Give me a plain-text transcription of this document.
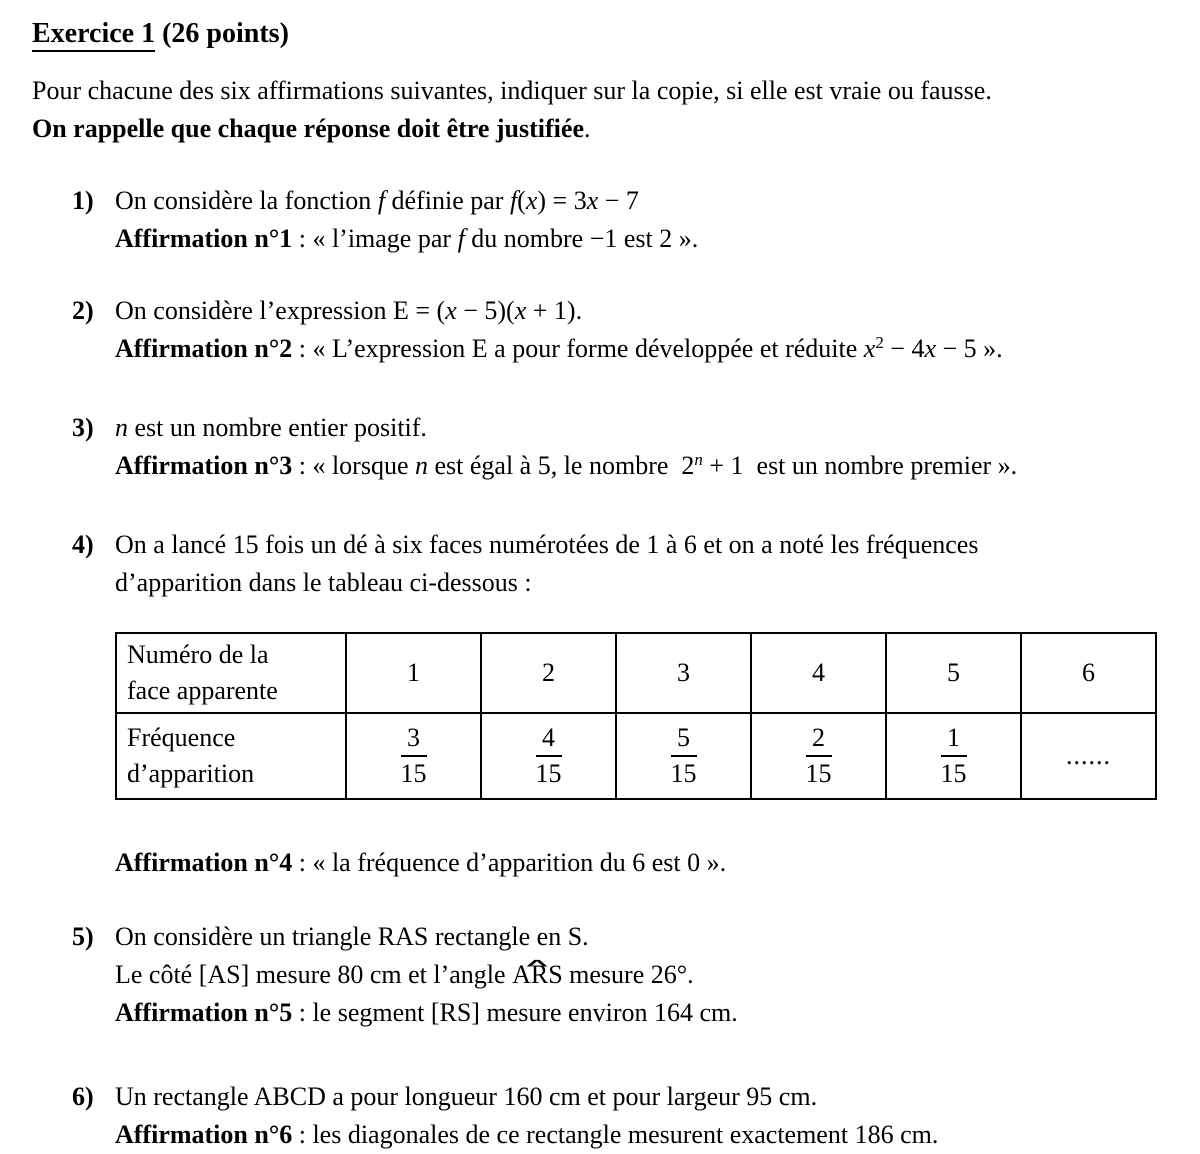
Exercice 1 (26 points)
Pour chacune des six affirmations suivantes, indiquer sur la copie, si elle est vraie ou fausse.
On rappelle que chaque réponse doit être justifiée.
1) On considère la fonction f définie par f(x) = 3x − 7
Affirmation n°1 : « l’image par f du nombre −1 est 2 ».
2) On considère l’expression E = (x − 5)(x + 1).
Affirmation n°2 : « L’expression E a pour forme développée et réduite $x^2 - 4x - 5$ ».
3) n est un nombre entier positif.
Affirmation n°3 : « lorsque n est égal à 5, le nombre  $2^n + 1$  est un nombre premier ».
4) On a lancé 15 fois un dé à six faces numérotées de 1 à 6 et on a noté les fréquences
d’apparition dans le tableau ci-dessous :
Numéro de la
face apparente	1	2	3	4	5	6
Fréquence
d’apparition	$\frac{3}{15}$	$\frac{4}{15}$	$\frac{5}{15}$	$\frac{2}{15}$	$\frac{1}{15}$	......
Affirmation n°4 : « la fréquence d’apparition du 6 est 0 ».
5) On considère un triangle RAS rectangle en S.
Le côté [AS] mesure 80 cm et l’angle ∧ ARS mesure 26°.
Affirmation n°5 : le segment [RS] mesure environ 164 cm.
6) Un rectangle ABCD a pour longueur 160 cm et pour largeur 95 cm.
Affirmation n°6 : les diagonales de ce rectangle mesurent exactement 186 cm.
